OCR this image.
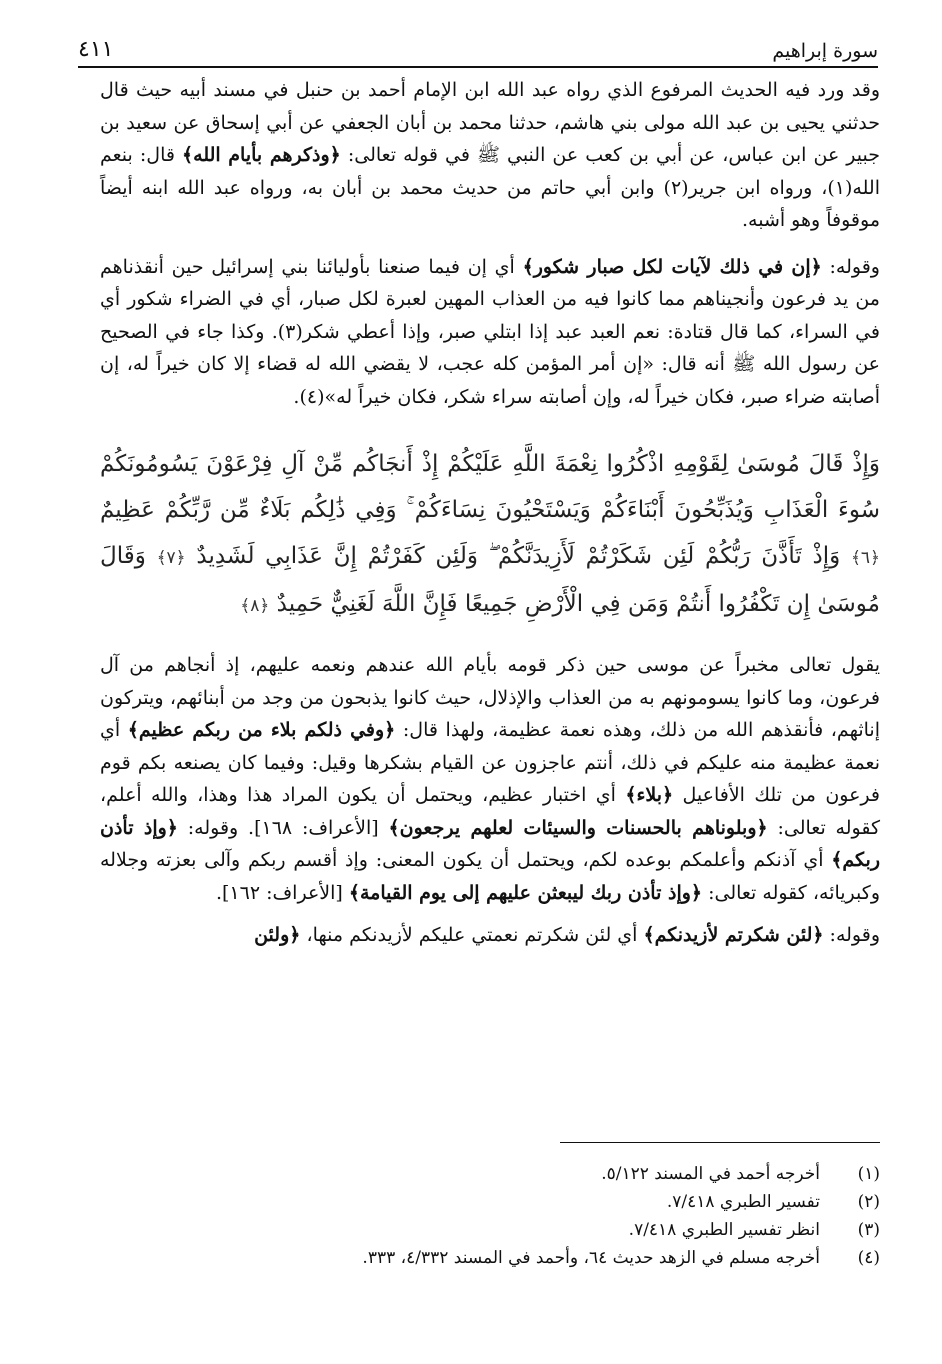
٤١١	سورة إبراهيم

وقد ورد فيه الحديث المرفوع الذي رواه عبد الله ابن الإمام أحمد بن حنبل في مسند أبيه حيث قال حدثني يحيى بن عبد الله مولى بني هاشم، حدثنا محمد بن أبان الجعفي عن أبي إسحاق عن سعيد بن جبير عن ابن عباس، عن أبي بن كعب عن النبي ﷺ في قوله تعالى: ﴿وذكرهم بأيام الله﴾ قال: بنعم الله(١)، ورواه ابن جرير(٢) وابن أبي حاتم من حديث محمد بن أبان به، ورواه عبد الله ابنه أيضاً موقوفاً وهو أشبه.

وقوله: ﴿إن في ذلك لآيات لكل صبار شكور﴾ أي إن فيما صنعنا بأوليائنا بني إسرائيل حين أنقذناهم من يد فرعون وأنجيناهم مما كانوا فيه من العذاب المهين لعبرة لكل صبار، أي في الضراء شكور أي في السراء، كما قال قتادة: نعم العبد عبد إذا ابتلي صبر، وإذا أعطي شكر(٣). وكذا جاء في الصحيح عن رسول الله ﷺ أنه قال: «إن أمر المؤمن كله عجب، لا يقضي الله له قضاء إلا كان خيراً له، إن أصابته ضراء صبر، فكان خيراً له، وإن أصابته سراء شكر، فكان خيراً له»(٤).

وَإِذْ قَالَ مُوسَىٰ لِقَوْمِهِ اذْكُرُوا نِعْمَةَ اللَّهِ عَلَيْكُمْ إِذْ أَنجَاكُم مِّنْ آلِ فِرْعَوْنَ يَسُومُونَكُمْ سُوءَ الْعَذَابِ وَيُذَبِّحُونَ أَبْنَاءَكُمْ وَيَسْتَحْيُونَ نِسَاءَكُمْ ۚ وَفِي ذَٰلِكُم بَلَاءٌ مِّن رَّبِّكُمْ عَظِيمٌ ﴿٦﴾ وَإِذْ تَأَذَّنَ رَبُّكُمْ لَئِن شَكَرْتُمْ لَأَزِيدَنَّكُمْ ۖ وَلَئِن كَفَرْتُمْ إِنَّ عَذَابِي لَشَدِيدٌ ﴿٧﴾ وَقَالَ مُوسَىٰ إِن تَكْفُرُوا أَنتُمْ وَمَن فِي الْأَرْضِ جَمِيعًا فَإِنَّ اللَّهَ لَغَنِيٌّ حَمِيدٌ ﴿٨﴾

يقول تعالى مخبراً عن موسى حين ذكر قومه بأيام الله عندهم ونعمه عليهم، إذ أنجاهم من آل فرعون، وما كانوا يسومونهم به من العذاب والإذلال، حيث كانوا يذبحون من وجد من أبنائهم، ويتركون إناثهم، فأنقذهم الله من ذلك، وهذه نعمة عظيمة، ولهذا قال: ﴿وفي ذلكم بلاء من ربكم عظيم﴾ أي نعمة عظيمة منه عليكم في ذلك، أنتم عاجزون عن القيام بشكرها وقيل: وفيما كان يصنعه بكم قوم فرعون من تلك الأفاعيل ﴿بلاء﴾ أي اختبار عظيم، ويحتمل أن يكون المراد هذا وهذا، والله أعلم، كقوله تعالى: ﴿وبلوناهم بالحسنات والسيئات لعلهم يرجعون﴾ [الأعراف: ١٦٨]. وقوله: ﴿وإذ تأذن ربكم﴾ أي آذنكم وأعلمكم بوعده لكم، ويحتمل أن يكون المعنى: وإذ أقسم ربكم وآلى بعزته وجلاله وكبريائه، كقوله تعالى: ﴿وإذ تأذن ربك ليبعثن عليهم إلى يوم القيامة﴾ [الأعراف: ١٦٢].

وقوله: ﴿لئن شكرتم لأزيدنكم﴾ أي لئن شكرتم نعمتي عليكم لأزيدنكم منها، ﴿ولئن

(١)
أخرجه أحمد في المسند ٥/١٢٢.
(٢)
تفسير الطبري ٧/٤١٨.
(٣)
انظر تفسير الطبري ٧/٤١٨.
(٤)
أخرجه مسلم في الزهد حديث ٦٤، وأحمد في المسند ٤/٣٣٢، ٣٣٣.
